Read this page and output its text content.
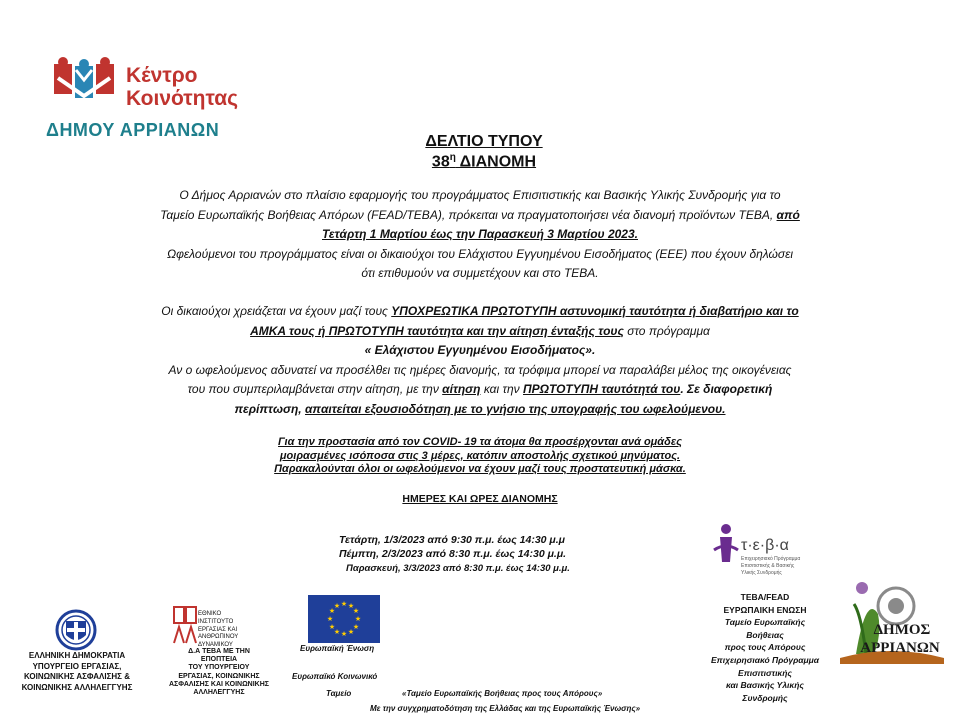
Κέντρο
Κοινότητας
ΔΗΜΟΥ ΑΡΡΙΑΝΩΝ
ΔΕΛΤΙΟ ΤΥΠΟΥ
$38^\eta$ ΔΙΑΝΟΜΗ
Ο Δήμος Αρριανών στο πλαίσιο εφαρμογής του προγράμματος Επισιτιστικής και Βασικής Υλικής Συνδρομής για το
Ταμείο Ευρωπαϊκής Βοήθειας Απόρων (FEAD/TEBA), πρόκειται να πραγματοποιήσει νέα διανομή προϊόντων ΤΕΒΑ, από
Τετάρτη 1 Μαρτίου έως την Παρασκευή 3 Μαρτίου 2023.
Ωφελούμενοι του προγράμματος είναι οι δικαιούχοι του Ελάχιστου Εγγυημένου Εισοδήματος (ΕΕΕ) που έχουν δηλώσει
ότι επιθυμούν να συμμετέχουν και στο ΤΕΒΑ.
Οι δικαιούχοι χρειάζεται να έχουν μαζί τους ΥΠΟΧΡΕΩΤΙΚΑ ΠΡΩΤΟΤΥΠΗ αστυνομική ταυτότητα ή διαβατήριο και το
ΑΜΚΑ τους ή ΠΡΩΤΟΤΥΠΗ ταυτότητα και την αίτηση ένταξής τους στο πρόγραμμα
« Ελάχιστου Εγγυημένου Εισοδήματος».
Αν ο ωφελούμενος αδυνατεί να προσέλθει τις ημέρες διανομής, τα τρόφιμα μπορεί να παραλάβει μέλος της οικογένειας
του που συμπεριλαμβάνεται στην αίτηση, με την αίτηση και την ΠΡΩΤΟΤΥΠΗ ταυτότητά του. Σε διαφορετική
περίπτωση, απαιτείται εξουσιοδότηση με το γνήσιο της υπογραφής του ωφελούμενου.
Για την προστασία από τον COVID- 19 τα άτομα θα προσέρχονται ανά ομάδες
μοιρασμένες ισόποσα στις 3 μέρες, κατόπιν αποστολής σχετικού μηνύματος.
Παρακαλούνται όλοι οι ωφελούμενοι να έχουν μαζί τους προστατευτική μάσκα.
ΗΜΕΡΕΣ ΚΑΙ ΩΡΕΣ ΔΙΑΝΟΜΗΣ
Τετάρτη, 1/3/2023 από 9:30 π.μ. έως 14:30 μ.μ
Πέμπτη, 2/3/2023 από 8:30 π.μ. έως 14:30 μ.μ.
Παρασκευή, 3/3/2023 από 8:30 π.μ. έως 14:30 μ.μ.
τ·ε·β·α
Επιχειρησιακό Πρόγραμμα
Επισιτιστικής & Βασικής
Υλικής Συνδρομής
ΤΕΒΑ/FEAD
ΕΥΡΩΠΑΙΚΗ ΕΝΩΣΗ
Ταμείο Ευρωπαϊκής
Βοήθειας
προς τους Απόρους
Επιχειρησιακό Πρόγραμμα
Επισιτιστικής
και Βασικής Υλικής
Συνδρομής
ΕΛΛΗΝΙΚΗ ΔΗΜΟΚΡΑΤΙΑ
ΥΠΟΥΡΓΕΙΟ ΕΡΓΑΣΙΑΣ,
ΚΟΙΝΩΝΙΚΗΣ ΑΣΦΑΛΙΣΗΣ &
ΚΟΙΝΩΝΙΚΗΣ ΑΛΛΗΛΕΓΓΥΗΣ
ΕΘΝΙΚΟ
ΙΝΣΤΙΤΟΥΤΟ
ΕΡΓΑΣΙΑΣ ΚΑΙ
ΑΝΘΡΩΠΙΝΟΥ
ΔΥΝΑΜΙΚΟΥ
Δ.Α ΤΕΒΑ ΜΕ ΤΗΝ
ΕΠΟΠΤΕΙΑ
ΤΟΥ ΥΠΟΥΡΓΕΙΟΥ
ΕΡΓΑΣΙΑΣ, ΚΟΙΝΩΝΙΚΗΣ
ΑΣΦΑΛΙΣΗΣ ΚΑΙ ΚΟΙΝΩΝΙΚΗΣ
ΑΛΛΗΛΕΓΓΥΗΣ
★ ★
★
★
★
★
★
★
★
★
★
★
Ευρωπαϊκή Ένωση
Ευρωπαϊκό Κοινωνικό
Ταμείο	«Ταμείο Ευρωπαϊκής Βοήθειας προς τους Απόρους»
Με την συγχρηματοδότηση της Ελλάδας και της Ευρωπαϊκής Ένωσης»
ΔΗΜΟΣ
ΑΡΡΙΑΝΩΝ
